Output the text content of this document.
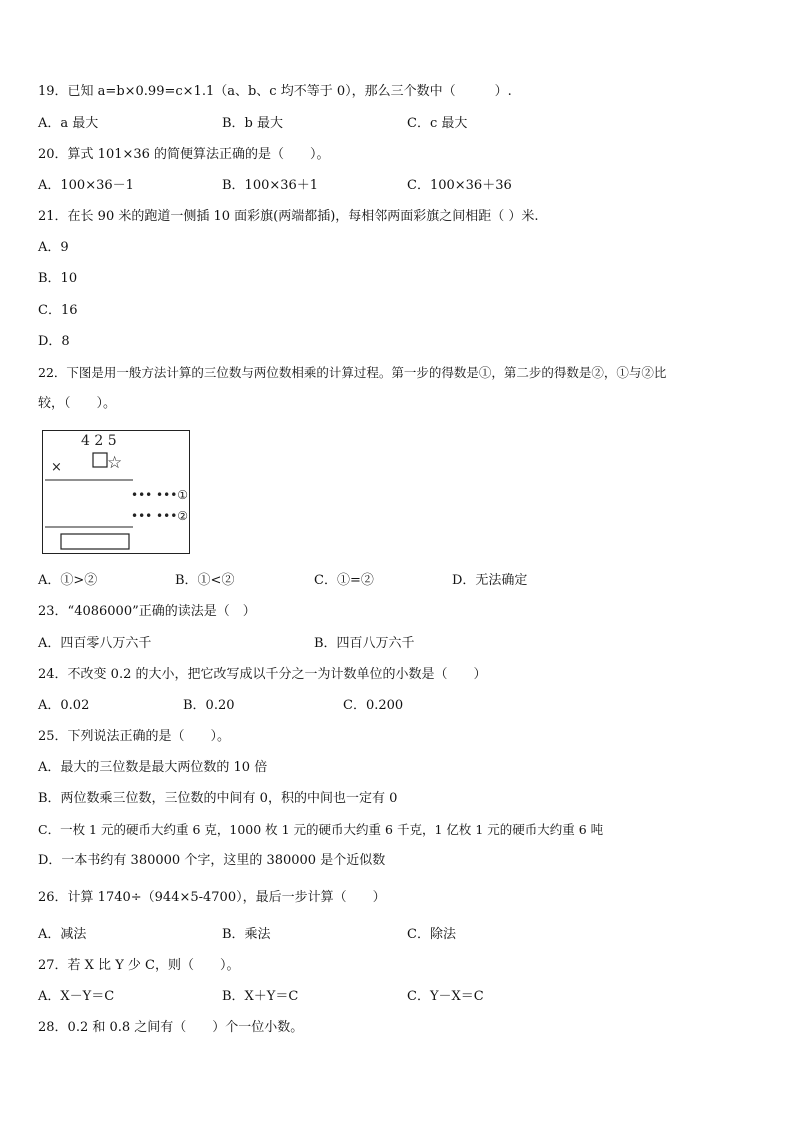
19．已知 a=b×0.99=c×1.1（a、b、c 均不等于 0），那么三个数中（　　　）.
A．a 最大	B．b 最大	C．c 最大
20．算式 101×36 的简便算法正确的是（　　）。
A．100×36－1	B．100×36＋1	C．100×36＋36
21．在长 90 米的跑道一侧插 10 面彩旗(两端都插)，每相邻两面彩旗之间相距（ ）米.
A．9
B．10
C．16
D．8
22．下图是用一般方法计算的三位数与两位数相乘的计算过程。第一步的得数是①，第二步的得数是②，①与②比
较，（　　）。
4 2 5
×	☆
••• •••①
••• •••②
A．①>②	B．①<②	C．①=②	D．无法确定
23．“4086000”正确的读法是（　）
A．四百零八万六千	B．四百八万六千
24．不改变 0.2 的大小，把它改写成以千分之一为计数单位的小数是（　　）
A．0.02	B．0.20	C．0.200
25．下列说法正确的是（　　）。
A．最大的三位数是最大两位数的 10 倍
B．两位数乘三位数，三位数的中间有 0，积的中间也一定有 0
C．一枚 1 元的硬币大约重 6 克，1000 枚 1 元的硬币大约重 6 千克，1 亿枚 1 元的硬币大约重 6 吨
D．一本书约有 380000 个字，这里的 380000 是个近似数
26．计算 1740÷（944×5-4700），最后一步计算（　　）
A．减法	B．乘法	C．除法
27．若 X 比 Y 少 C，则（　　）。
A．X－Y＝C	B．X＋Y＝C	C．Y－X＝C
28．0.2 和 0.8 之间有（　　）个一位小数。
